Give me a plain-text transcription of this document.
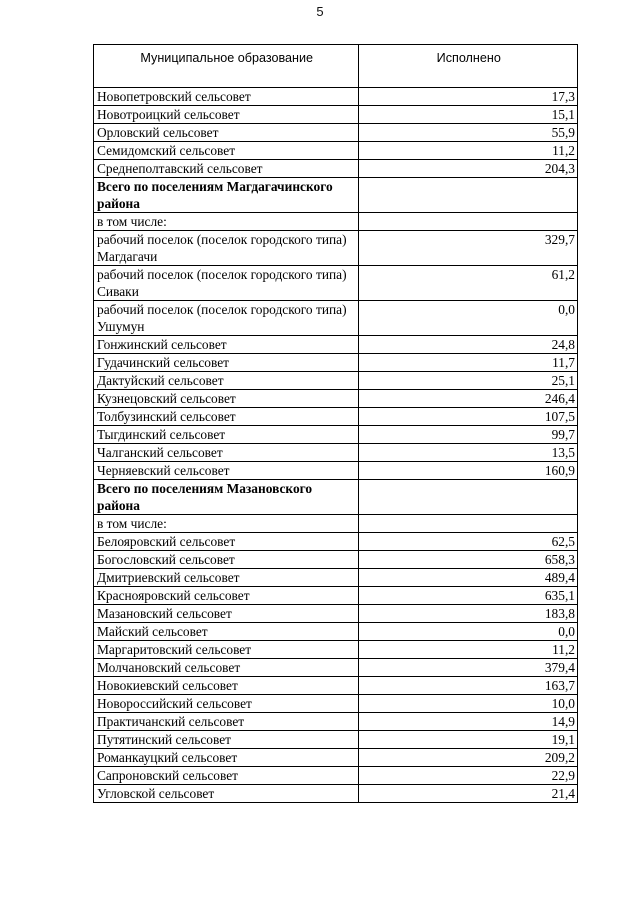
5
Муниципальное образование	Исполнено
Новопетровский сельсовет	17,3
Новотроицкий сельсовет	15,1
Орловский сельсовет	55,9
Семидомский сельсовет	11,2
Среднеполтавский сельсовет	204,3
Всего по поселениям Магдагачинского района	
в том числе:	
рабочий поселок (поселок городского типа) Магдагачи	329,7
рабочий поселок (поселок городского типа) Сиваки	61,2
рабочий поселок (поселок городского типа) Ушумун	0,0
Гонжинский сельсовет	24,8
Гудачинский сельсовет	11,7
Дактуйский сельсовет	25,1
Кузнецовский сельсовет	246,4
Толбузинский сельсовет	107,5
Тыгдинский сельсовет	99,7
Чалганский сельсовет	13,5
Черняевский сельсовет	160,9
Всего по поселениям Мазановского района	
в том числе:	
Белояровский сельсовет	62,5
Богословский сельсовет	658,3
Дмитриевский сельсовет	489,4
Краснояровский сельсовет	635,1
Мазановский сельсовет	183,8
Майский сельсовет	0,0
Маргаритовский сельсовет	11,2
Молчановский сельсовет	379,4
Новокиевский сельсовет	163,7
Новороссийский сельсовет	10,0
Практичанский сельсовет	14,9
Путятинский сельсовет	19,1
Романкауцкий сельсовет	209,2
Сапроновский сельсовет	22,9
Угловской сельсовет	21,4
